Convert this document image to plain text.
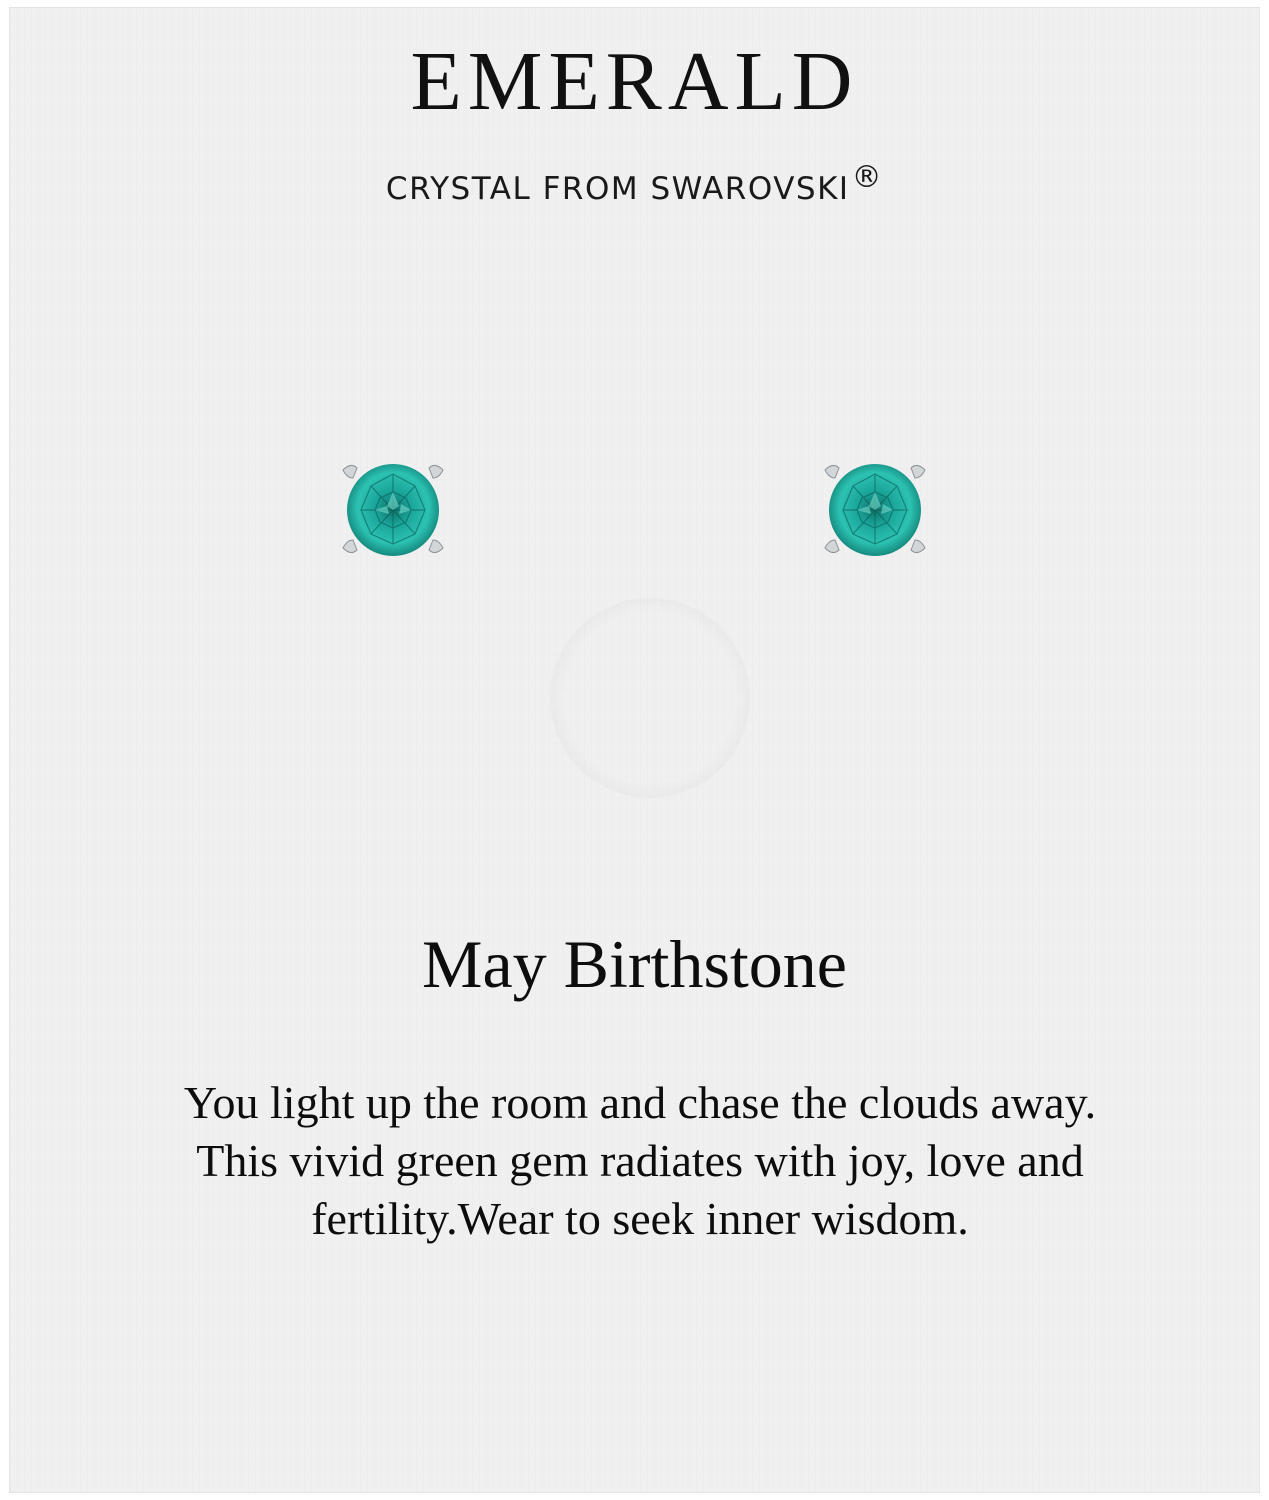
EMERALD
CRYSTAL FROM SWAROVSKI®
May Birthstone
You light up the room and chase the clouds away.
This vivid green gem radiates with joy, love and
fertility.Wear to seek inner wisdom.
